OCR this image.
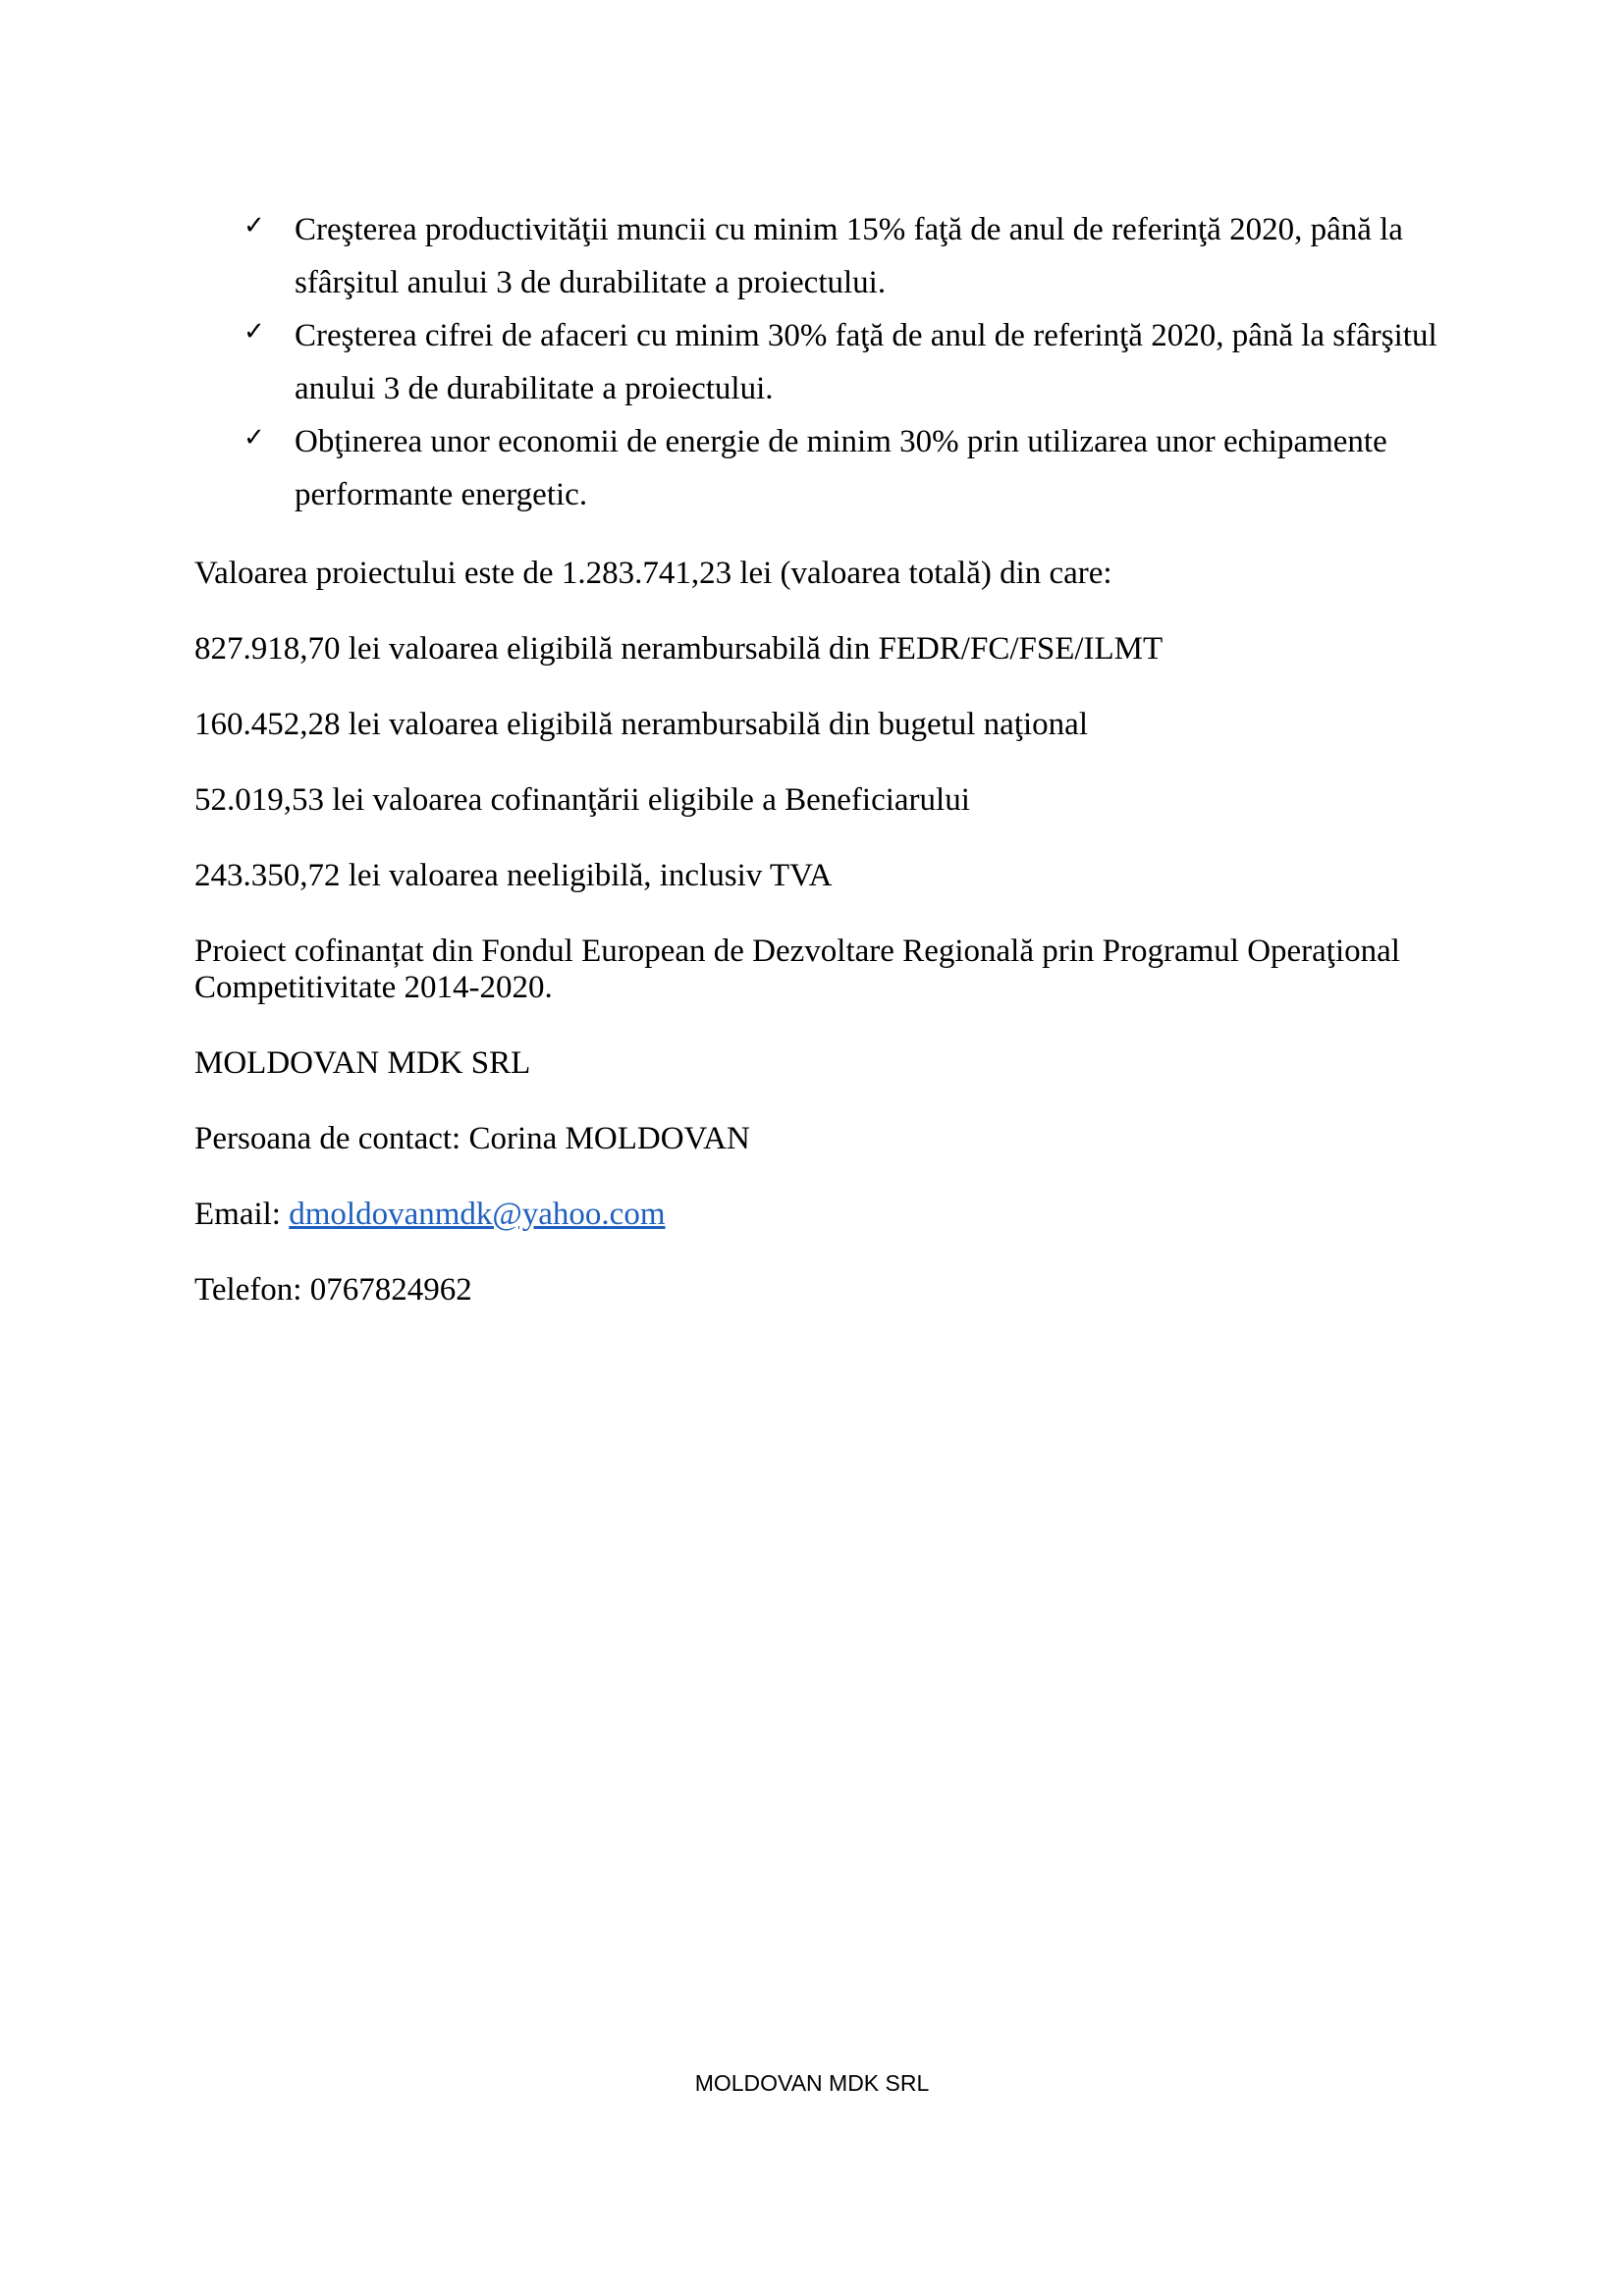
✓ Creşterea productivităţii muncii cu minim 15% faţă de anul de referinţă 2020, până la sfârşitul anului 3 de durabilitate a proiectului.
✓ Creşterea cifrei de afaceri cu minim 30% faţă de anul de referinţă 2020, până la sfârşitul anului 3 de durabilitate a proiectului.
✓ Obţinerea unor economii de energie de minim 30% prin utilizarea unor echipamente performante energetic.

Valoarea proiectului este de 1.283.741,23 lei (valoarea totală) din care:

827.918,70 lei valoarea eligibilă nerambursabilă din FEDR/FC/FSE/ILMT

160.452,28 lei valoarea eligibilă nerambursabilă din bugetul naţional

52.019,53 lei valoarea cofinanţării eligibile a Beneficiarului

243.350,72 lei valoarea neeligibilă, inclusiv TVA

Proiect cofinanțat din Fondul European de Dezvoltare Regională prin Programul Operaţional Competitivitate 2014-2020.

MOLDOVAN MDK SRL

Persoana de contact: Corina MOLDOVAN

Email: dmoldovanmdk@yahoo.com

Telefon: 0767824962

MOLDOVAN MDK SRL
